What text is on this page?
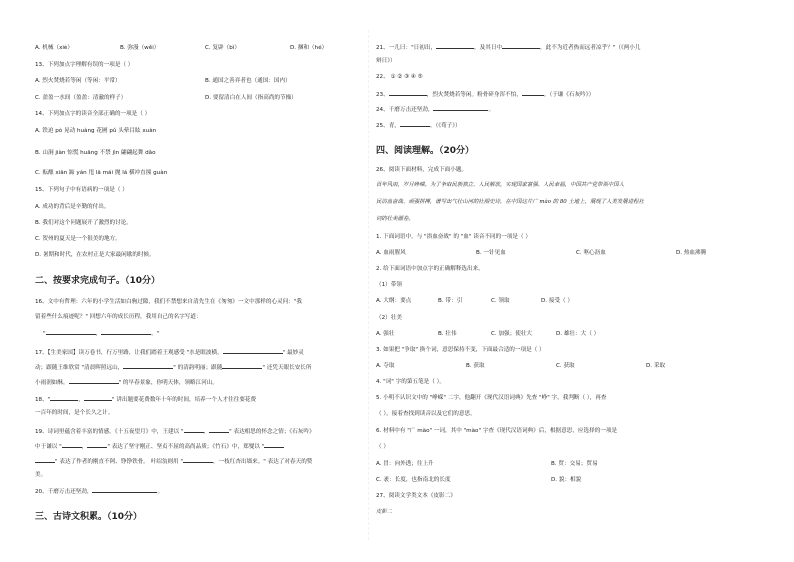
A. 机械（xiè）	B. 弥漫（wěi）	C. 复辟（bì）	D. 捆和（hé）
13、下列加点字理解有误的一项是（ ）
A. 烈火焚烧若等闲（等闲：平常）	B. 通国之善弈者也（通国：国内）
C. 盈盈一水间（盈盈：清澈的样子）	D. 要留清白在人间（指高尚的节操）
14、下列加点字的读音全部正确的一项是（ ）
A. 铁迫 pò 晃动 huàng 花圃 pǔ 头晕目眩 xuàn
B. 山涧 jiàn 惊慌 huāng 不禁 jìn 翩翩起舞 dǎo
C. 酝酿 xiān 踮 yán 甩 lā mái 抛 lá 横冲直撞 guàn
15、下列句子中有语病的一项是（ ）
A. 成功的背后是辛勤的付出。
B. 我们对这个问题展开了激烈的讨论。
C. 贺州的夏天是一个很美的地方。
D. 暑期和时代，在农村正是大家最闲歇的时候。
二、按要求完成句子。（10分）
16、文中有哲理：六年的小学生活如白驹过隙，我们不禁想来自清先生在《匆匆》一文中那样的心灵问："我
留着些什么痕迹呢？" 回想六年的成长历程，我用自己的名字写道：
"	，	。"
17、【生美家国】读万卷书，行万里路，让我们踏着王观感受 "水是眼波横，	" 最妙灵
动；跟随王维欣赏 "清晨晖照远山，	" 的清韵明丽；跟随	" 还凭天眼长安长所
小雨润如酥，	" 的早春景象，你明天体，领略江河山。
18、"	，	" 讲出题要花费数年十年的时间，培养一个人才往往要花费
一百年的时间，是个长久之计。
19、诗词里蕴含着丰富的情感。《十五夜望月》中，王建以 "	，	" 表达相思的怀念之情；《石灰吟》
中于谦以 "	，	" 表达了坚守刚正、坚贞不屈的高尚品质；《竹石》中，郑燮以 "
" 表达了作者的刚直不阿、铮铮铁骨。 叶绍翁则用 "	，一枝红杏出墙来。" 表达了对春天的赞
美。
20、千磨万击还坚劲，	。
三、古诗文积累。（10分）
21、一儿曰："日初出，	，及其日中	，此不为近者热而远者凉乎？"（《两小儿
辩日》）
22、 ① ② ③ ④ ⑤
23、	，烈火焚烧若等闲。粉骨碎身浑不怕，	。（于谦《石灰吟》）
24、千磨万击还坚劲，	。
25、青，	。（《荀子》）
四、阅读理解。（20分）
26、阅读下面材料，完成下面小题。
百年风雨，岁月峥嵘。为了争取民族独立、人民解放，实现国家富强、人民幸福，中国共产党带领中国人
民浴血奋战、顽强拼搏，谱写出气壮山河的壮丽史诗，在中国这片广 mào 的 80 土地上，展现了人类发展进程社
词的壮美画卷。
1. 下面词语中，与 "浴血奋战" 的 "血" 读音不同的一项是（ ）
A. 血雨腥风	B. 一针见血	C. 呕心沥血	D. 热血沸腾
2. 给下面词语中加点字的正确解释选出来。
（1）带领
A. 大纲：要点	B. 带：引	C. 领取	D. 接受（ ）
（2）壮美
A. 强壮	B. 壮伟	C. 加强；使壮大	D. 雄壮：大（ ）
3. 如果把 "争取" 换个词，意思保持不变，下面最合适的一项是（ ）
A. 夺取	B. 获取	C. 获取	D. 采取
4. "词" 字的第五笔是（ ）。
5. 小明不认识文中的 "峥嵘" 二字，他翻开《现代汉语词典》先查 "峥" 字，我判断（ ），再查
（ ），接着查找到读音以及它们的意思。
6. 材料中有 "广 mào" 一词，其中 "mào" 字查《现代汉语词典》后，根据意思，应选择的一项是
（ ）
A. 冒：向外透；往上升	B. 贸：交易；贸易
C. 袤：长度，也指南北的长度	D. 貌：相貌
27、阅读文学类文本《皮影二》
皮影二
